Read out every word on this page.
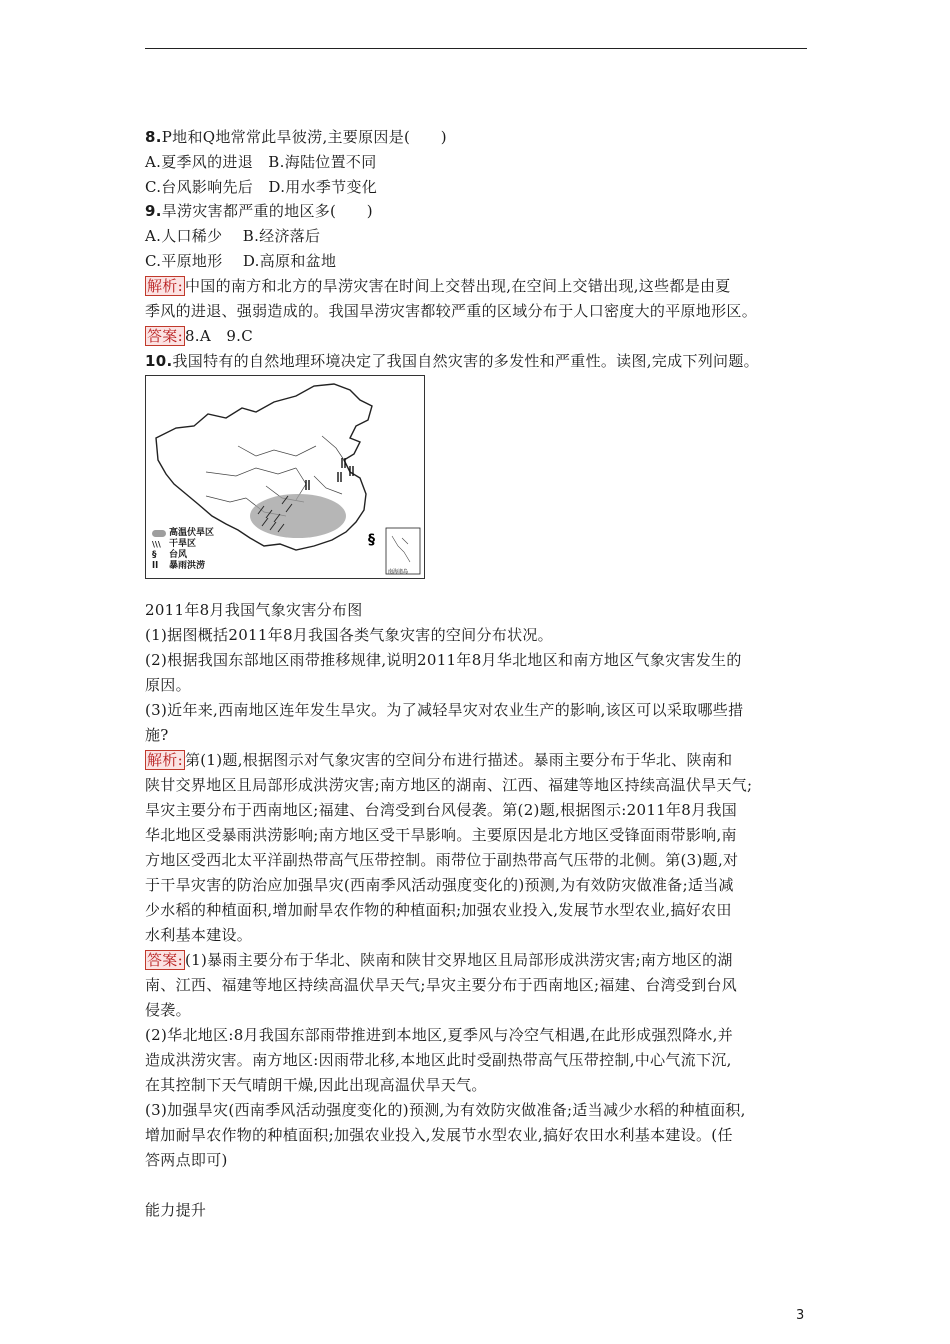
8.P地和Q地常常此旱彼涝,主要原因是(　　)
A.夏季风的进退　B.海陆位置不同
C.台风影响先后　D.用水季节变化
9.旱涝灾害都严重的地区多(　　)
A.人口稀少　 B.经济落后
C.平原地形　 D.高原和盆地
解析: 中国的南方和北方的旱涝灾害在时间上交替出现,在空间上交错出现,这些都是由夏
季风的进退、强弱造成的。我国旱涝灾害都较严重的区域分布于人口密度大的平原地形区。
答案: 8.A　9.C
10.我国特有的自然地理环境决定了我国自然灾害的多发性和严重性。读图,完成下列问题。
§
南海诸岛
高温伏旱区
\\\ 干旱区
§	台风
ll	暴雨洪涝
2011年8月我国气象灾害分布图
(1)据图概括2011年8月我国各类气象灾害的空间分布状况。
(2)根据我国东部地区雨带推移规律,说明2011年8月华北地区和南方地区气象灾害发生的
原因。
(3)近年来,西南地区连年发生旱灾。为了减轻旱灾对农业生产的影响,该区可以采取哪些措
施?
解析: 第(1)题,根据图示对气象灾害的空间分布进行描述。暴雨主要分布于华北、陕南和
陕甘交界地区且局部形成洪涝灾害;南方地区的湖南、江西、福建等地区持续高温伏旱天气;
旱灾主要分布于西南地区;福建、台湾受到台风侵袭。第(2)题,根据图示:2011年8月我国
华北地区受暴雨洪涝影响;南方地区受干旱影响。主要原因是北方地区受锋面雨带影响,南
方地区受西北太平洋副热带高气压带控制。雨带位于副热带高气压带的北侧。第(3)题,对
于干旱灾害的防治应加强旱灾(西南季风活动强度变化的)预测,为有效防灾做准备;适当减
少水稻的种植面积,增加耐旱农作物的种植面积;加强农业投入,发展节水型农业,搞好农田
水利基本建设。
答案: (1)暴雨主要分布于华北、陕南和陕甘交界地区且局部形成洪涝灾害;南方地区的湖
南、江西、福建等地区持续高温伏旱天气;旱灾主要分布于西南地区;福建、台湾受到台风
侵袭。
(2)华北地区:8月我国东部雨带推进到本地区,夏季风与冷空气相遇,在此形成强烈降水,并
造成洪涝灾害。南方地区:因雨带北移,本地区此时受副热带高气压带控制,中心气流下沉,
在其控制下天气晴朗干燥,因此出现高温伏旱天气。
(3)加强旱灾(西南季风活动强度变化的)预测,为有效防灾做准备;适当减少水稻的种植面积,
增加耐旱农作物的种植面积;加强农业投入,发展节水型农业,搞好农田水利基本建设。(任
答两点即可)
能力提升
3
